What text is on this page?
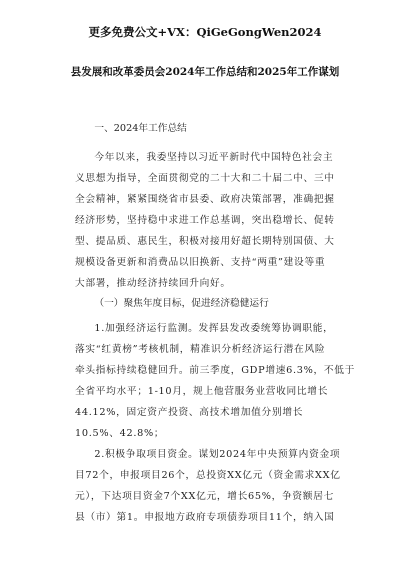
更多免费公文+VX：QiGeGongWen2024
县发展和改革委员会2024年工作总结和2025年工作谋划
一、2024年工作总结
今年以来，我委坚持以习近平新时代中国特色社会主
义思想为指导，全面贯彻党的二十大和二十届二中、三中
全会精神，紧紧围绕省市县委、政府决策部署，准确把握
经济形势，坚持稳中求进工作总基调，突出稳增长、促转
型、提品质、惠民生，积极对接用好超长期特别国债、大
规模设备更新和消费品以旧换新、支持“两重”建设等重
大部署，推动经济持续回升向好。
（一）聚焦年度目标，促进经济稳健运行
1.加强经济运行监测。发挥县发改委统筹协调职能，
落实“红黄榜”考核机制，精准识分析经济运行潜在风险
牵头指标持续稳健回升。前三季度，GDP增速6.3%，不低于
全省平均水平；1-10月，规上他营服务业营收同比增长
44.12%，固定资产投资、高技术增加值分别增长
10.5%、42.8%；
2.积极争取项目资金。谋划2024年中央预算内资金项
目72个，申报项目26个，总投资XX亿元（资金需求XX亿
元），下达项目资金7个XX亿元，增长65%，争资额居七
县（市）第1。申报地方政府专项债券项目11个，纳入国
